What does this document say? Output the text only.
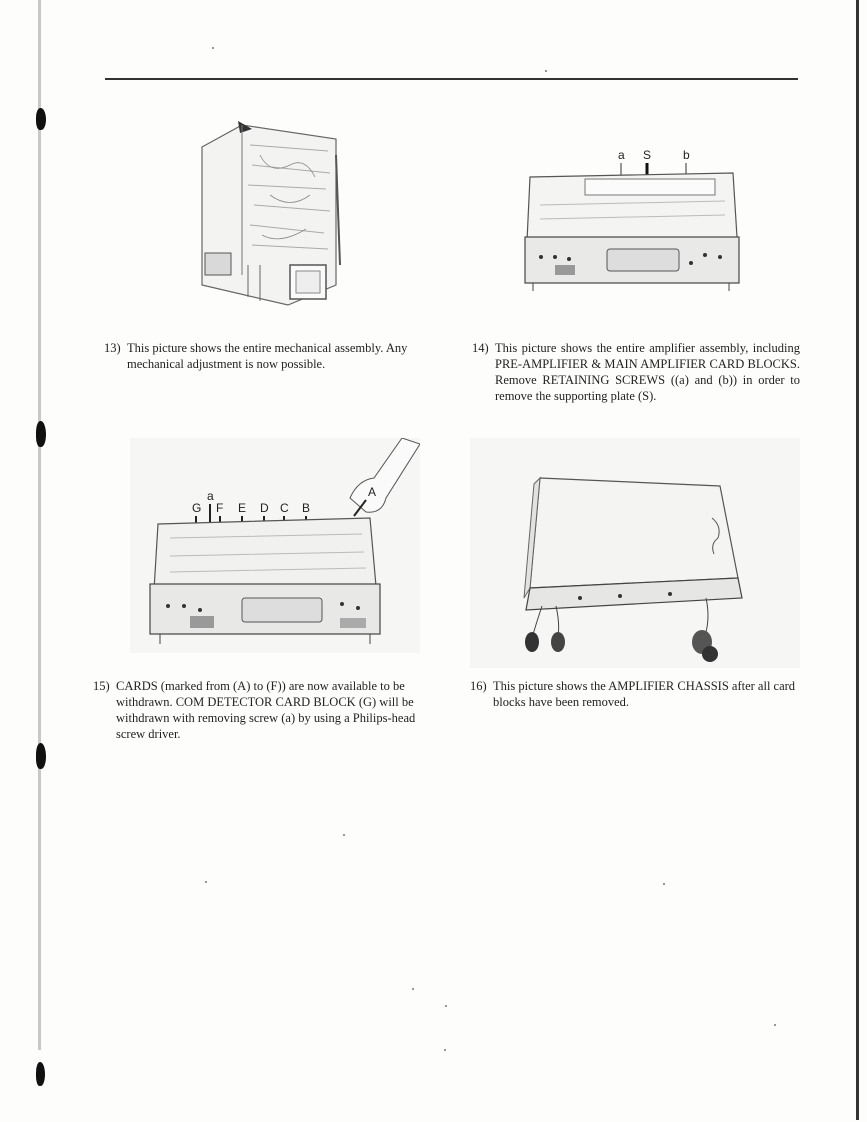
a S	b
13) This picture shows the entire mechanical assembly. Any mechanical adjustment is now possible.
14) This picture shows the entire amplifier assembly, including PRE-AMPLIFIER & MAIN AMPLIFIER CARD BLOCKS. Remove RETAINING SCREWS ((a) and (b)) in order to remove the supporting plate (S).
G
a
F E D C B
A
15) CARDS (marked from (A) to (F)) are now available to be withdrawn. COM DETECTOR CARD BLOCK (G) will be withdrawn with removing screw (a) by using a Philips-head screw driver.
16) This picture shows the AMPLIFIER CHASSIS after all card blocks have been removed.
